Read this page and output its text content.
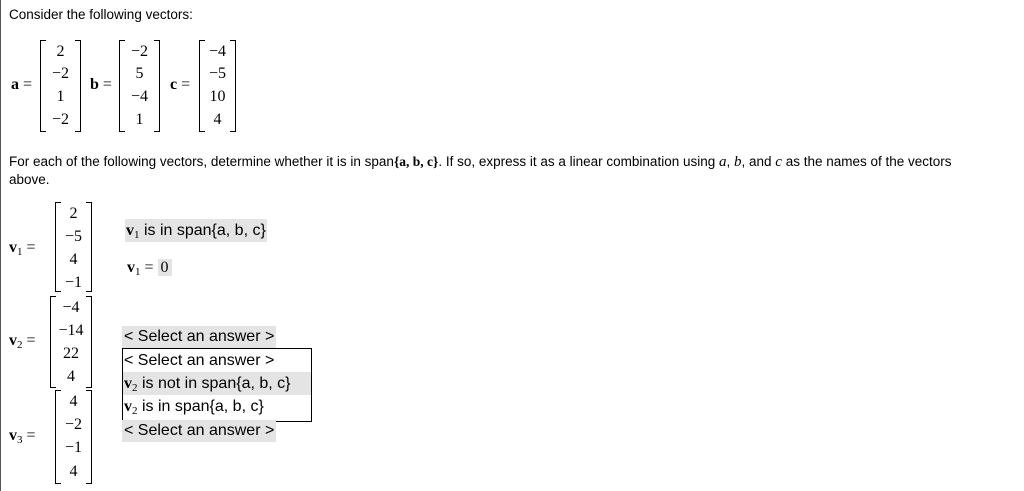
Consider the following vectors:
a =
2
−2
1
−2
b =
−2
5
−4
1
c =
−4
−5
10
4
For each of the following vectors, determine whether it is in span{a, b, c}. If so, express it as a linear combination using a, b, and c as the names of the vectors
above.
$v_1$ =
2
−5
4
−1
$v_2$ =
−4
−14
22
4
$v_3$ =
4
−2
−1
4
$v_1$ is in span{a, b, c}
$v_1 = 0$
< Select an answer >
< Select an answer >
$v_2$ is not in span{a, b, c}
$v_2$ is in span{a, b, c}
< Select an answer >
